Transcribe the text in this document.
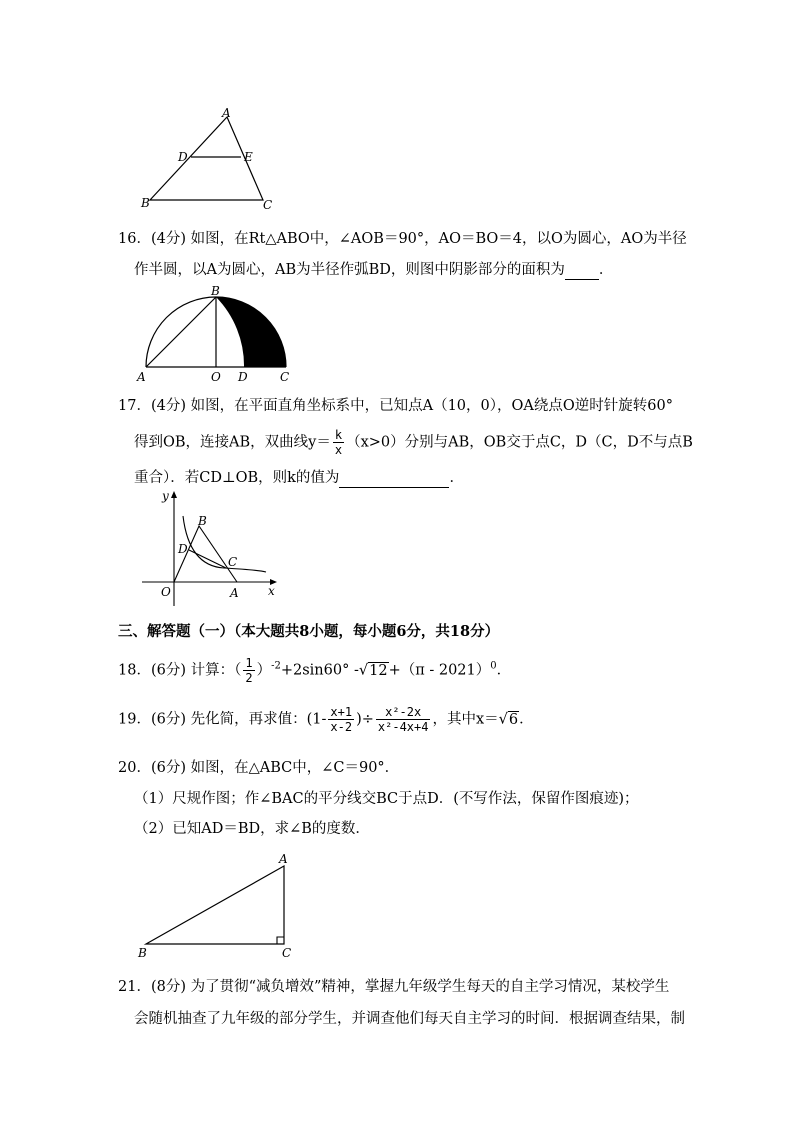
A
D	E
B	C
16．(4分) 如图，在Rt△ABO中，∠AOB＝90°，AO＝BO＝4，以O为圆心，AO为半径
作半圆，以A为圆心，AB为半径作弧BD，则图中阴影部分的面积为 ．
B
A	O D	C
17．(4分) 如图，在平面直角坐标系中，已知点A（10，0），OA绕点O逆时针旋转60°
得到OB，连接AB，双曲线$y= \frac{k}{x} (x>0)$分别与AB，OB交于点C，D（C，D不与点B
重合）．若CD⊥OB，则k的值为	．
y
B
D
C
O	A x
三、解答题（一）（本大题共8小题，每小题6分，共18分）
18．(6分) 计算：（ $\frac{1}{2} )^{-2}+2\sin 60^\circ$ -√12+（π - 2021）$^0$．
19．(6分) 先化简，再求值：($1- \frac{x+1}{x-2}$ )÷ $\frac{\text{x²-2x}}{\text{x²-4x+4}}$ ，其中x＝√6．
20．(6分) 如图，在△ABC中，∠C＝90°．
（1）尺规作图；作∠BAC的平分线交BC于点D．(不写作法，保留作图痕迹)；
（2）已知AD＝BD，求∠B的度数．
A
B	C
21．(8分) 为了贯彻“减负增效”精神，掌握九年级学生每天的自主学习情况，某校学生
会随机抽查了九年级的部分学生，并调查他们每天自主学习的时间．根据调查结果，制
